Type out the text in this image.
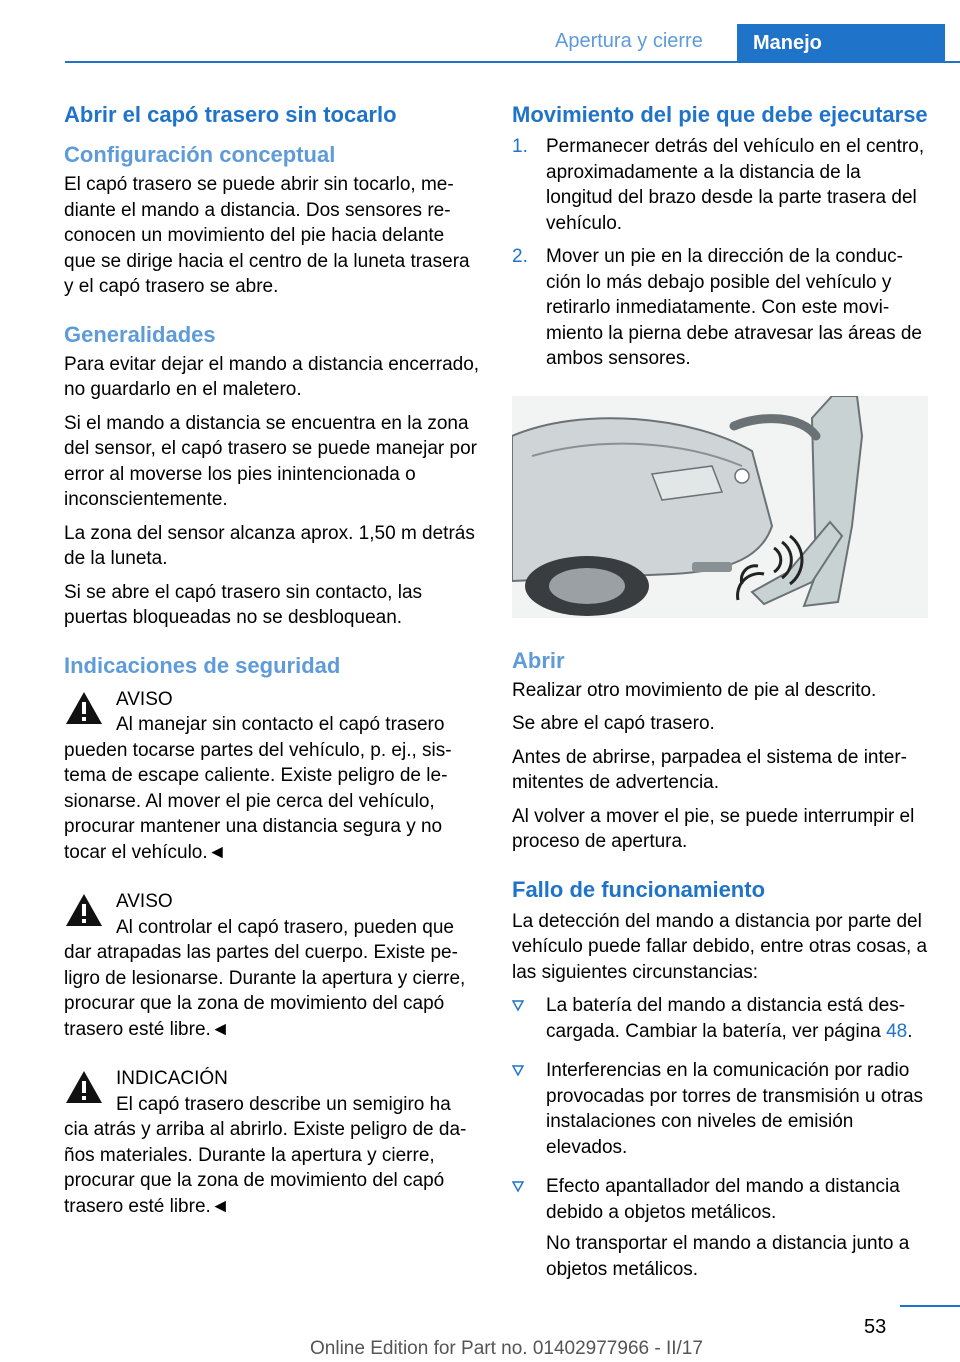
Apertura y cierre	Manejo
Abrir el capó trasero sin tocarlo
Configuración conceptual

El capó trasero se puede abrir sin tocarlo, mediante el mando a distancia. Dos sensores reconocen un movimiento del pie hacia delante que se dirige hacia el centro de la luneta trasera y el capó trasero se abre.

Generalidades

Para evitar dejar el mando a distancia encerrado, no guardarlo en el maletero.

Si el mando a distancia se encuentra en la zona del sensor, el capó trasero se puede manejar por error al moverse los pies inintencionada o inconscientemente.

La zona del sensor alcanza aprox. 1,50 m detrás de la luneta.

Si se abre el capó trasero sin contacto, las puertas bloqueadas no se desbloquean.

Indicaciones de seguridad

AVISO

Al manejar sin contacto el capó trasero

pueden tocarse partes del vehículo, p. ej., sistema de escape caliente. Existe peligro de lesionarse. Al mover el pie cerca del vehículo, procurar mantener una distancia segura y no tocar el vehículo.◄

AVISO

Al controlar el capó trasero, pueden que

dar atrapadas las partes del cuerpo. Existe peligro de lesionarse. Durante la apertura y cierre, procurar que la zona de movimiento del capó trasero esté libre.◄

INDICACIÓN

El capó trasero describe un semigiro ha

cia atrás y arriba al abrirlo. Existe peligro de daños materiales. Durante la apertura y cierre, procurar que la zona de movimiento del capó trasero esté libre.◄

Movimiento del pie que debe ejecutarse
1. Permanecer detrás del vehículo en el centro, aproximadamente a la distancia de la longitud del brazo desde la parte trasera del vehículo.
2. Mover un pie en la dirección de la conducción lo más debajo posible del vehículo y retirarlo inmediatamente. Con este movimiento la pierna debe atravesar las áreas de ambos sensores.
Abrir

Realizar otro movimiento de pie al descrito.

Se abre el capó trasero.

Antes de abrirse, parpadea el sistema de intermitentes de advertencia.

Al volver a mover el pie, se puede interrumpir el proceso de apertura.

Fallo de funcionamiento

La detección del mando a distancia por parte del vehículo puede fallar debido, entre otras cosas, a las siguientes circunstancias:

La batería del mando a distancia está descargada. Cambiar la batería, ver página 48.
Interferencias en la comunicación por radio provocadas por torres de transmisión u otras instalaciones con niveles de emisión elevados.
Efecto apantallador del mando a distancia debido a objetos metálicos.
No transportar el mando a distancia junto a objetos metálicos.
53
Online Edition for Part no. 01402977966 - II/17
